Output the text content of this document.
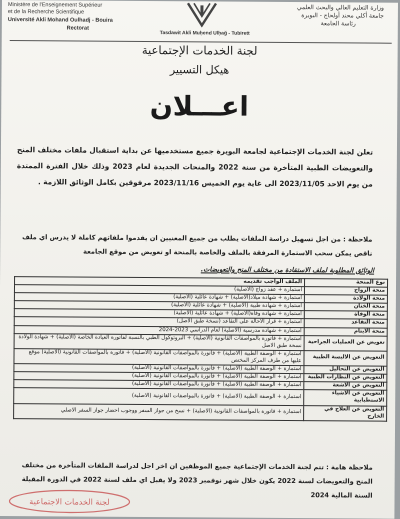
Ministère de l'Enseignement Supérieur
et de la Recherche Scientifique
Université Akli Mohand Oulhadj - Bouira
Rectorat
Tasdawit Akli Muḥend Ulḥağ - Tubirett
وزارة التعليم العالي والبحث العلمي
جامعة أكلي محند أولحاج - البويرة
رئاسة الجامعة
لجنة الخدمات الإجتماعية
هيكل التسيير
اعـــلان
تعلن لجنة الخدمات الإجتماعية لجامعة البويرة جميع مستخدميها عن بداية استقبال ملفات مختلف المنح والتعويضات الطبية المتأخرة من سنة 2022 والمنحات الجديدة لعام 2023 وذلك خلال الفترة الممتدة من يوم الاحد 2023/11/05 الى غاية يوم الخميس 2023/11/16 مرفوقين بكامل الوثائق اللازمة .
ملاحظة : من اجل تسهيل دراسة الملفات يطلب من جميع المعنيين ان يقدموا ملفاتهم كاملة لا يدرس اي ملف ناقص يمكن سحب الاستمارة المرفقة بالملف والخاصة بالمنحة او تعويض من موقع الجامعة
الوثائق المطلوبة لملف الاستفادة من مختلف المنح والتعويضات.
نوع المنحة	الملف الواجب تقديمه
منحة الزواج	استمارة + عقد زواج (الاصلية)
منحة الولادة	استمارة + شهادة ميلاد(الاصلية) + شهادة عائلية (الاصلية)
منحة الختان	استمارة + شهادة طبية (الاصلية) + شهادة عائلية (الاصلية)
منحة الوفاة	استمارة + شهادة وفاة(الاصلية) + شهادة عائلية (الاصلية)
منحة التقاعد	استمارة + قرار الاحالة على التقاعد (نسخة طبق الاصل)
منحة الايتام	استمارة + شهادة مدرسية (الاصلية) لعام الدراسي 2023-2024
تعويض عن العمليات الجراحية	استمارة + فاتورة بالمواصفات القانونية (الاصلية) + البروتوكول الطبي بالنسبة لفاتورة العيادة الخاصة (الاصلية) + شهادة الولادة نسخة طبق الاصل
التعويض عن الالبسة الطبية	استمارة + الوصفة الطبية (الاصلية) + فاتورة بالمواصفات القانونية (الاصلية) + فاتورة بالمواصفات القانونية (الاصلية) موقع عليها من طرف المركز المختص
التعويض عن التحاليل	استمارة + الوصفة الطبية (الاصلية) + فاتورة بالمواصفات القانونية (الاصلية)
التعويض عن النظارات الطبية	استمارة + الوصفة الطبية (الاصلية) + فاتورة بالمواصفات القانونية (الاصلية)
التعويض عن الاشعة	استمارة + الوصفة الطبية (الاصلية) + فاتورة بالمواصفات القانونية (الاصلية)
التعويض عن الاشياء الاستطبابية	استمارة + الوصفة الطبية (الاصلية) + فاتورة بالمواصفات القانونية (الاصلية)
التعويض عن العلاج في الخارج	استمارة + فاتورة بالمواصفات القانونية (الاصلية) + نسخ من جواز السفر ووجوب احضار جواز السفر الاصلي
ملاحظة هامة : تتم لجنة الخدمات الإجتماعية جميع الموظفين ان اخر اجل لدراسة الملفات المتأخرة من مختلف المنح والتعويضات لسنة 2022 يكون خلال شهر نوفمبر 2023 ولا يقبل اي ملف لسنة 2022 في الدورة المقبلة السنة المالية 2024
لجنة الخدمات الاجتماعية
